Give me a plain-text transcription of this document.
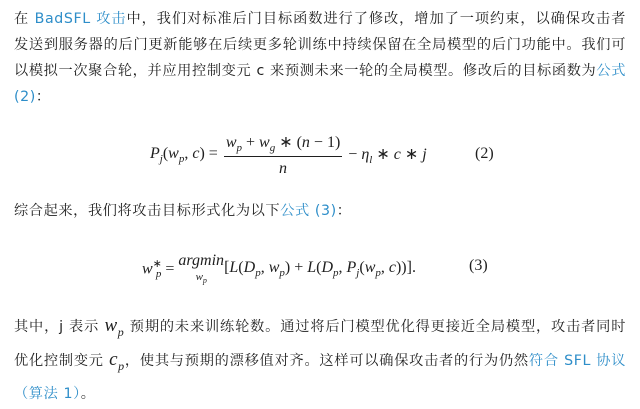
在 BadSFL 攻击中，我们对标准后门目标函数进行了修改，增加了一项约束，以确保攻击者发送到服务器的后门更新能够在后续更多轮训练中持续保留在全局模型的后门功能中。我们可以模拟一次聚合轮，并应用控制变元 c 来预测未来一轮的全局模型。修改后的目标函数为公式 (2)：

$P_j(w_p$, $c) = \frac{w_p + w_g ∗ (n - 1)}{n} - \eta_l$ ∗ c ∗ j	(2)

综合起来，我们将攻击目标形式化为以下公式 (3)：

$w^∗_p = argmin$
$w_p$
[$L(D_p$, $w_p) + L(D_p$, $P_j(w_p$, c))].	(3)

其中，j 表示 $w_p$ 预期的未来训练轮数。通过将后门模型优化得更接近全局模型，攻击者同时优化控制变元 $c_p$，使其与预期的漂移值对齐。这样可以确保攻击者的行为仍然符合 SFL 协议（算法 1）。
